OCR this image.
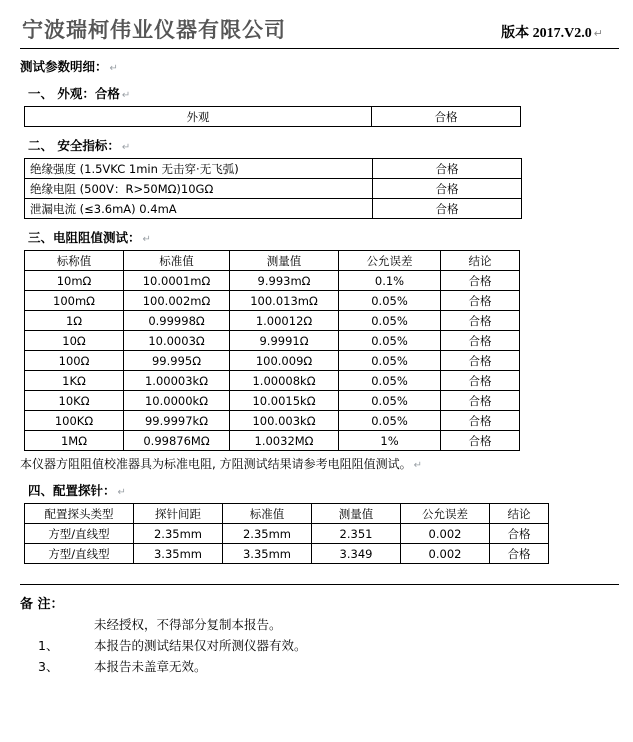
宁波瑞柯伟业仪器有限公司	版本 2017.V2.0 ↵
测试参数明细： ↵
一、 外观：合格 ↵
外观	合格
二、 安全指标： ↵
绝缘强度 (1.5VKC 1min 无击穿·无飞弧)	合格
绝缘电阻 (500V：R>50MΩ)10GΩ	合格
泄漏电流 (≤3.6mA) 0.4mA	合格
三、电阻阻值测试： ↵
标称值	标准值	测量值	公允误差	结论
10mΩ	10.0001mΩ	9.993mΩ	0.1%	合格
100mΩ	100.002mΩ	100.013mΩ	0.05%	合格
1Ω	0.99998Ω	1.00012Ω	0.05%	合格
10Ω	10.0003Ω	9.9991Ω	0.05%	合格
100Ω	99.995Ω	100.009Ω	0.05%	合格
1KΩ	1.00003kΩ	1.00008kΩ	0.05%	合格
10KΩ	10.0000kΩ	10.0015kΩ	0.05%	合格
100KΩ	99.9997kΩ	100.003kΩ	0.05%	合格
1MΩ	0.99876MΩ	1.0032MΩ	1%	合格
本仪器方阻阻值校准器具为标准电阻, 方阻测试结果请参考电阻阻值测试。 ↵
四、配置探针： ↵
配置探头类型	探针间距	标准值	测量值	公允误差	结论
方型/直线型	2.35mm	2.35mm	2.351	0.002	合格
方型/直线型	3.35mm	3.35mm	3.349	0.002	合格
备 注：
未经授权，不得部分复制本报告。
1、	本报告的测试结果仅对所测仪器有效。
3、	本报告未盖章无效。
